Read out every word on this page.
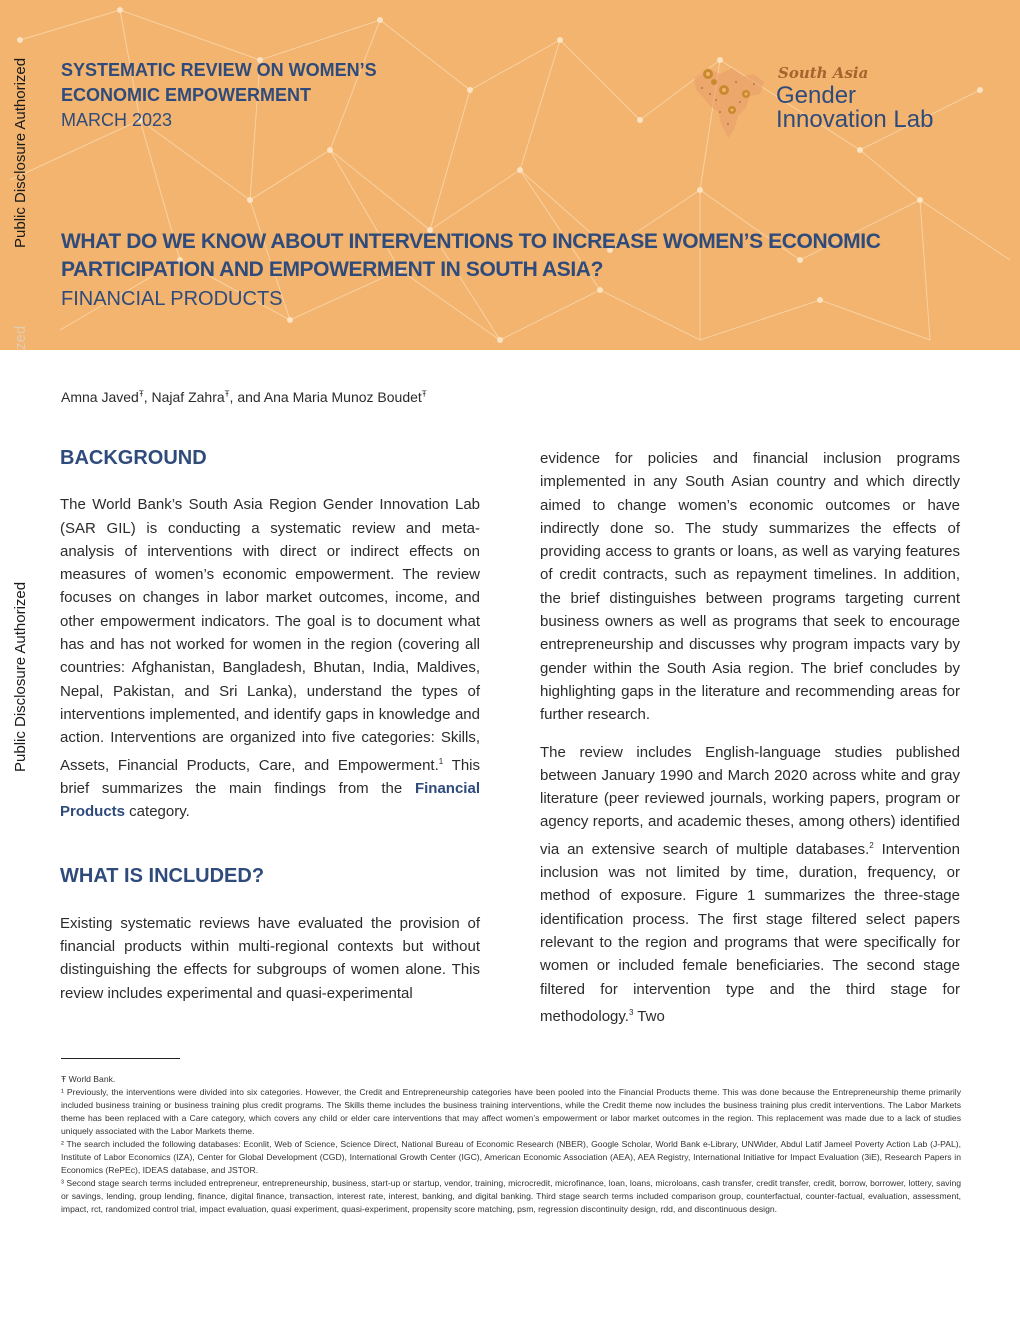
SYSTEMATIC REVIEW ON WOMEN’S
ECONOMIC EMPOWERMENT
MARCH 2023
South Asia
Gender
Innovation Lab
WHAT DO WE KNOW ABOUT INTERVENTIONS TO INCREASE WOMEN’S ECONOMIC
PARTICIPATION AND EMPOWERMENT IN SOUTH ASIA?
FINANCIAL PRODUCTS
Public Disclosure Authorized
zed
Public Disclosure Authorized
Amna Javed$^Ŧ$, Najaf Zahra$^Ŧ$, and Ana Maria Munoz Boudet$^Ŧ$
BACKGROUND

The World Bank’s South Asia Region Gender Innovation Lab (SAR GIL) is conducting a systematic review and meta-analysis of interventions with direct or indirect effects on measures of women’s economic empowerment. The review focuses on changes in labor market outcomes, income, and other empowerment indicators. The goal is to document what has and has not worked for women in the region (covering all countries: Afghanistan, Bangladesh, Bhutan, India, Maldives, Nepal, Pakistan, and Sri Lanka), understand the types of interventions implemented, and identify gaps in knowledge and action. Interventions are organized into five categories: Skills, Assets, Financial Products, Care, and Empowerment.$^1$ This brief summarizes the main findings from the Financial Products category.

WHAT IS INCLUDED?

Existing systematic reviews have evaluated the provision of financial products within multi-regional contexts but without distinguishing the effects for subgroups of women alone. This review includes experimental and quasi-experimental

evidence for policies and financial inclusion programs implemented in any South Asian country and which directly aimed to change women’s economic outcomes or have indirectly done so. The study summarizes the effects of providing access to grants or loans, as well as varying features of credit contracts, such as repayment timelines. In addition, the brief distinguishes between programs targeting current business owners as well as programs that seek to encourage entrepreneurship and discusses why program impacts vary by gender within the South Asia region. The brief concludes by highlighting gaps in the literature and recommending areas for further research.

The review includes English-language studies published between January 1990 and March 2020 across white and gray literature (peer reviewed journals, working papers, program or agency reports, and academic theses, among others) identified via an extensive search of multiple databases.$^2$ Intervention inclusion was not limited by time, duration, frequency, or method of exposure. Figure 1 summarizes the three-stage identification process. The first stage filtered select papers relevant to the region and programs that were specifically for women or included female beneficiaries. The second stage filtered for intervention type and the third stage for methodology.$^3$ Two

Ŧ World Bank.
¹ Previously, the interventions were divided into six categories. However, the Credit and Entrepreneurship categories have been pooled into the Financial Products theme. This was done because the Entrepreneurship theme primarily included business training or business training plus credit programs. The Skills theme includes the business training interventions, while the Credit theme now includes the business training plus credit interventions. The Labor Markets theme has been replaced with a Care category, which covers any child or elder care interventions that may affect women’s empowerment or labor market outcomes in the region. This replacement was made due to a lack of studies uniquely associated with the Labor Markets theme.
² The search included the following databases: Econlit, Web of Science, Science Direct, National Bureau of Economic Research (NBER), Google Scholar, World Bank e-Library, UNWider, Abdul Latif Jameel Poverty Action Lab (J-PAL), Institute of Labor Economics (IZA), Center for Global Development (CGD), International Growth Center (IGC), American Economic Association (AEA), AEA Registry, International Initiative for Impact Evaluation (3iE), Research Papers in Economics (RePEc), IDEAS database, and JSTOR.
³ Second stage search terms included entrepreneur, entrepreneurship, business, start-up or startup, vendor, training, microcredit, microfinance, loan, loans, microloans, cash transfer, credit transfer, credit, borrow, borrower, lottery, saving or savings, lending, group lending, finance, digital finance, transaction, interest rate, interest, banking, and digital banking. Third stage search terms included comparison group, counterfactual, counter-factual, evaluation, assessment, impact, rct, randomized control trial, impact evaluation, quasi experiment, quasi-experiment, propensity score matching, psm, regression discontinuity design, rdd, and discontinuous design.
